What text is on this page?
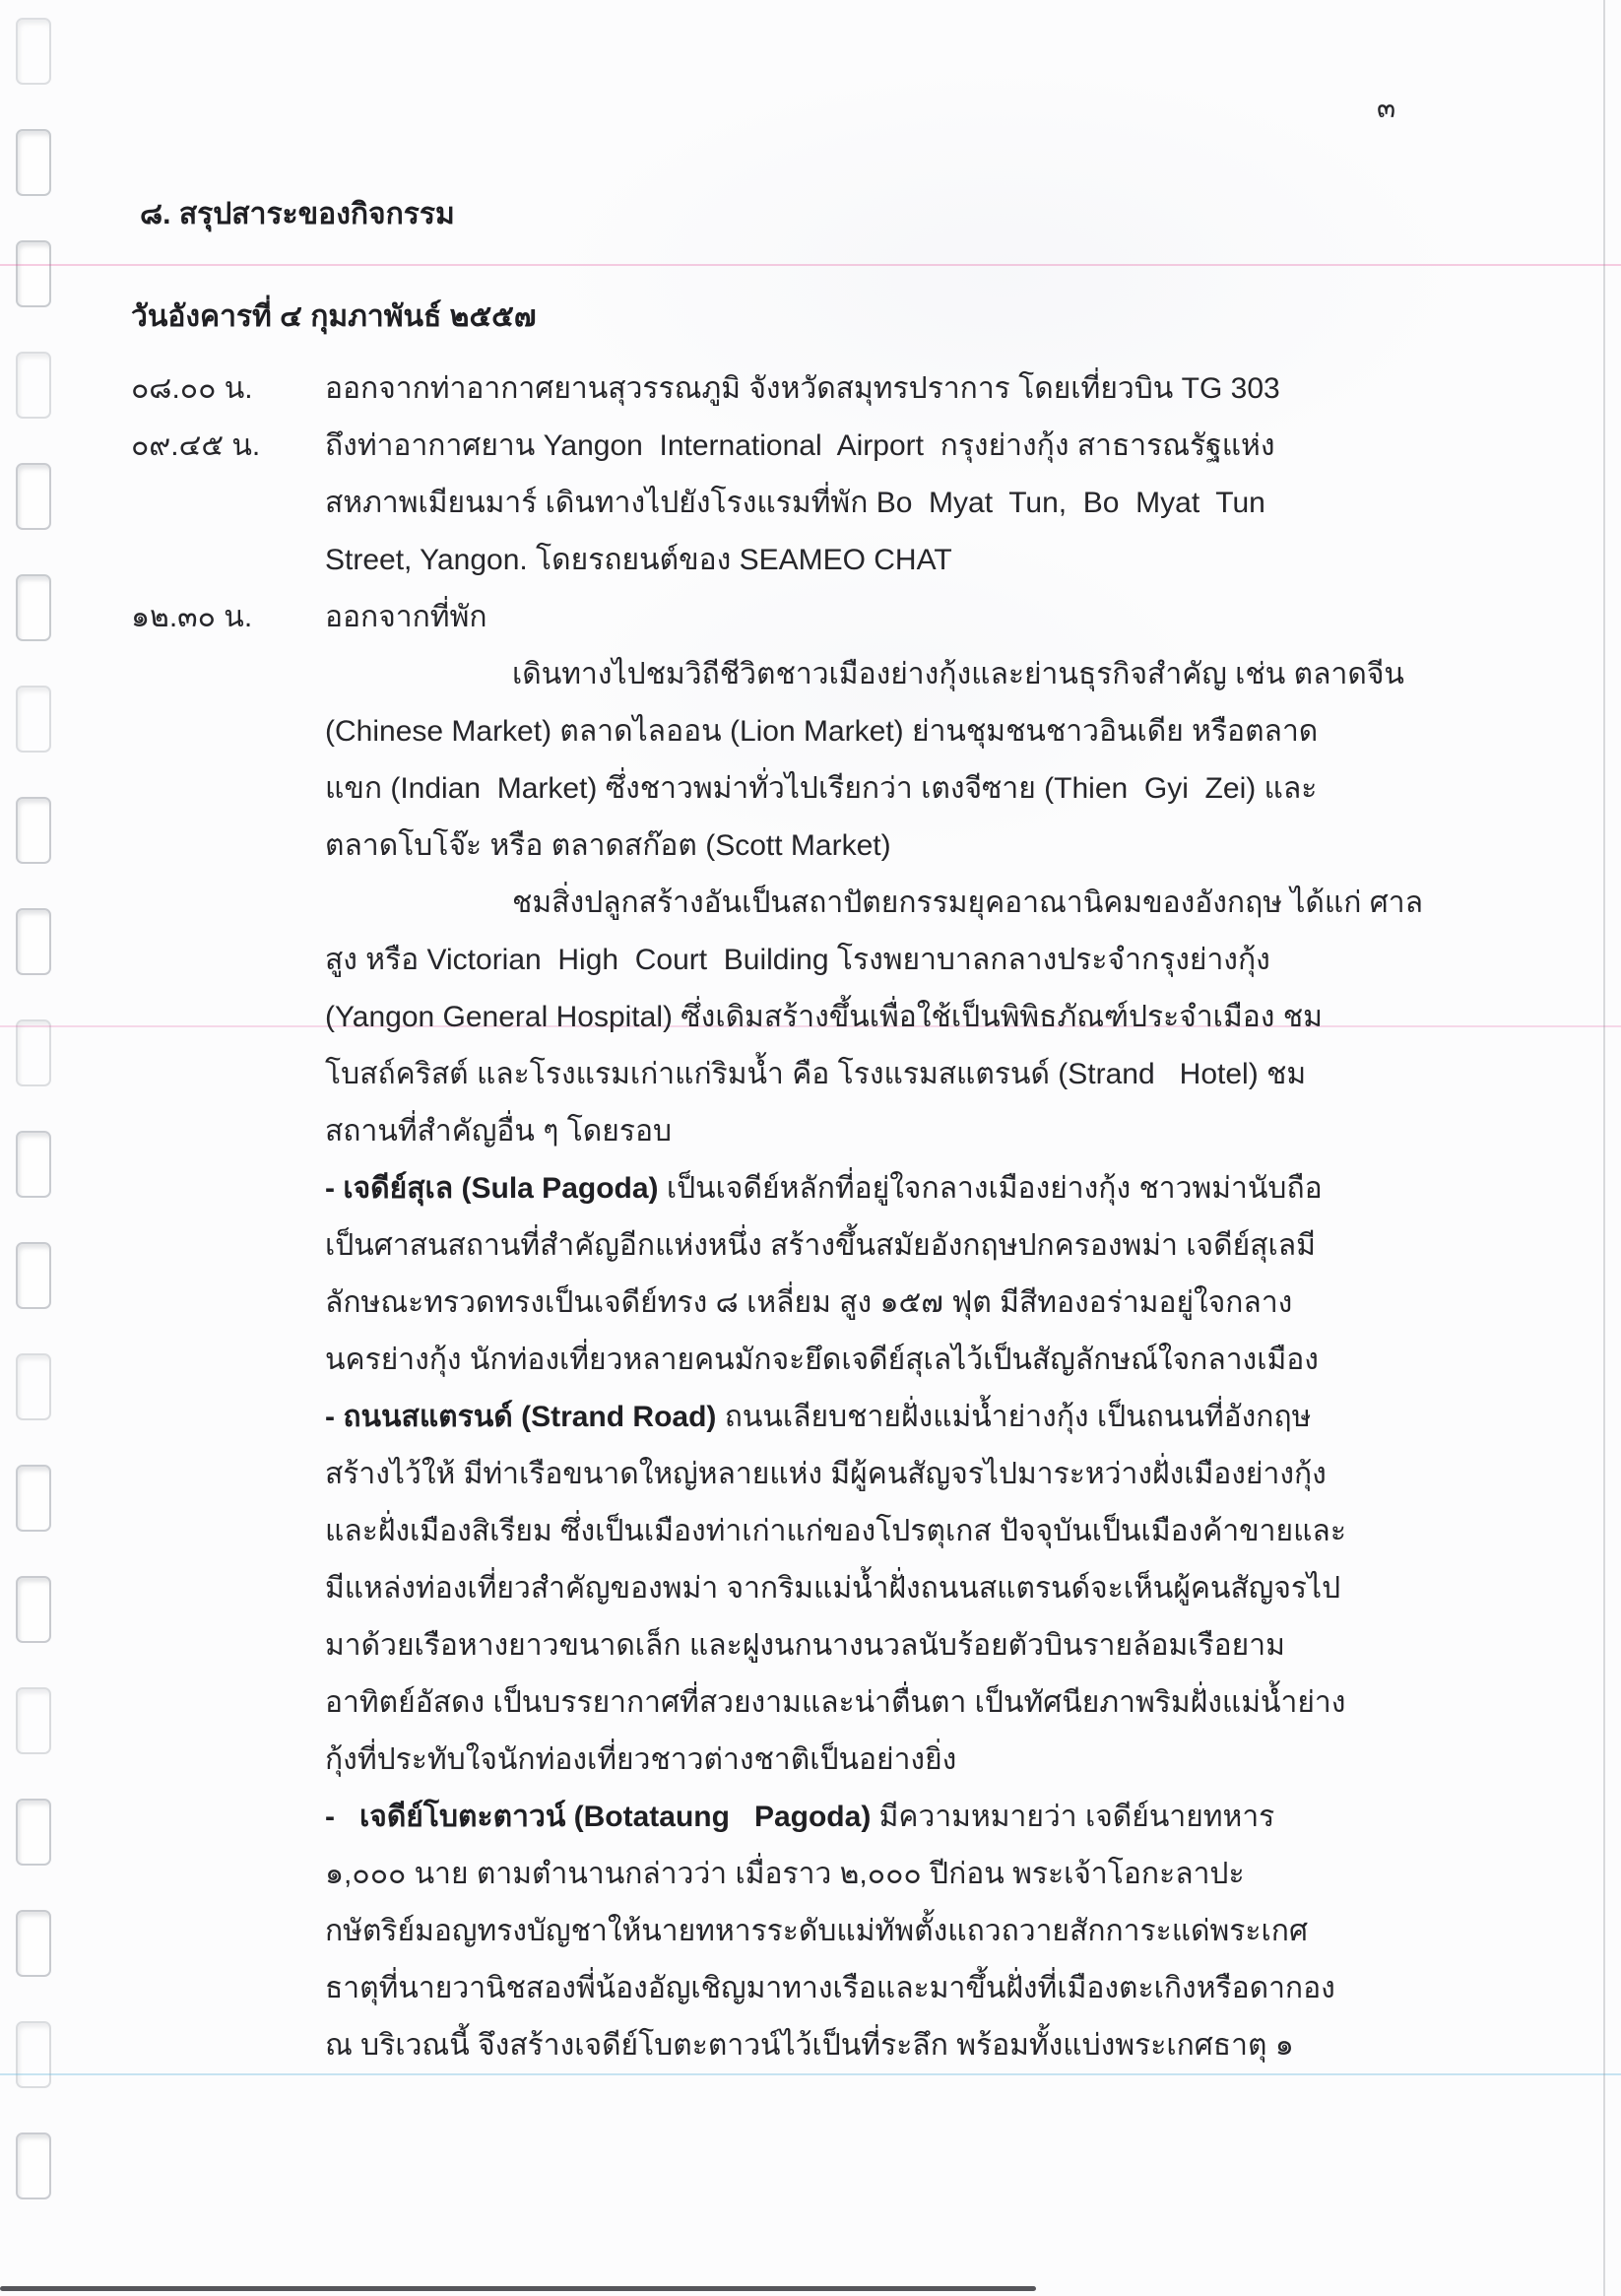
๓
๘. สรุปสาระของกิจกรรม
วันอังคารที่ ๔ กุมภาพันธ์ ๒๕๕๗
๐๘.๐๐ น.	ออกจากท่าอากาศยานสุวรรณภูมิ จังหวัดสมุทรปราการ โดยเที่ยวบิน TG 303
๐๙.๔๕ น.	ถึงท่าอากาศยาน Yangon  International  Airport  กรุงย่างกุ้ง สาธารณรัฐแห่ง
สหภาพเมียนมาร์ เดินทางไปยังโรงแรมที่พัก Bo  Myat  Tun,  Bo  Myat  Tun
Street, Yangon. โดยรถยนต์ของ SEAMEO CHAT
๑๒.๓๐ น.	ออกจากที่พัก
เดินทางไปชมวิถีชีวิตชาวเมืองย่างกุ้งและย่านธุรกิจสำคัญ เช่น ตลาดจีน
(Chinese Market) ตลาดไลออน (Lion Market) ย่านชุมชนชาวอินเดีย หรือตลาด
แขก (Indian  Market) ซึ่งชาวพม่าทั่วไปเรียกว่า เตงจีซาย (Thien  Gyi  Zei) และ
ตลาดโบโจ๊ะ หรือ ตลาดสก๊อต (Scott Market)
ชมสิ่งปลูกสร้างอันเป็นสถาปัตยกรรมยุคอาณานิคมของอังกฤษ ได้แก่ ศาล
สูง หรือ Victorian  High  Court  Building โรงพยาบาลกลางประจำกรุงย่างกุ้ง
(Yangon General Hospital) ซึ่งเดิมสร้างขึ้นเพื่อใช้เป็นพิพิธภัณฑ์ประจำเมือง ชม
โบสถ์คริสต์ และโรงแรมเก่าแก่ริมน้ำ คือ โรงแรมสแตรนด์ (Strand   Hotel) ชม
สถานที่สำคัญอื่น ๆ โดยรอบ
- เจดีย์สุเล (Sula Pagoda) เป็นเจดีย์หลักที่อยู่ใจกลางเมืองย่างกุ้ง ชาวพม่านับถือ
เป็นศาสนสถานที่สำคัญอีกแห่งหนึ่ง สร้างขึ้นสมัยอังกฤษปกครองพม่า เจดีย์สุเลมี
ลักษณะทรวดทรงเป็นเจดีย์ทรง ๘ เหลี่ยม สูง ๑๕๗ ฟุต มีสีทองอร่ามอยู่ใจกลาง
นครย่างกุ้ง นักท่องเที่ยวหลายคนมักจะยึดเจดีย์สุเลไว้เป็นสัญลักษณ์ใจกลางเมือง
- ถนนสแตรนด์ (Strand Road) ถนนเลียบชายฝั่งแม่น้ำย่างกุ้ง เป็นถนนที่อังกฤษ
สร้างไว้ให้ มีท่าเรือขนาดใหญ่หลายแห่ง มีผู้คนสัญจรไปมาระหว่างฝั่งเมืองย่างกุ้ง
และฝั่งเมืองสิเรียม ซึ่งเป็นเมืองท่าเก่าแก่ของโปรตุเกส ปัจจุบันเป็นเมืองค้าขายและ
มีแหล่งท่องเที่ยวสำคัญของพม่า จากริมแม่น้ำฝั่งถนนสแตรนด์จะเห็นผู้คนสัญจรไป
มาด้วยเรือหางยาวขนาดเล็ก และฝูงนกนางนวลนับร้อยตัวบินรายล้อมเรือยาม
อาทิตย์อัสดง เป็นบรรยากาศที่สวยงามและน่าตื่นตา เป็นทัศนียภาพริมฝั่งแม่น้ำย่าง
กุ้งที่ประทับใจนักท่องเที่ยวชาวต่างชาติเป็นอย่างยิ่ง
-   เจดีย์โบตะตาวน์ (Botataung   Pagoda) มีความหมายว่า เจดีย์นายทหาร
๑,๐๐๐ นาย ตามตำนานกล่าวว่า เมื่อราว ๒,๐๐๐ ปีก่อน พระเจ้าโอกะลาปะ
กษัตริย์มอญทรงบัญชาให้นายทหารระดับแม่ทัพตั้งแถวถวายสักการะแด่พระเกศ
ธาตุที่นายวานิชสองพี่น้องอัญเชิญมาทางเรือและมาขึ้นฝั่งที่เมืองตะเกิงหรือดากอง
ณ บริเวณนี้ จึงสร้างเจดีย์โบตะตาวน์ไว้เป็นที่ระลึก พร้อมทั้งแบ่งพระเกศธาตุ ๑
